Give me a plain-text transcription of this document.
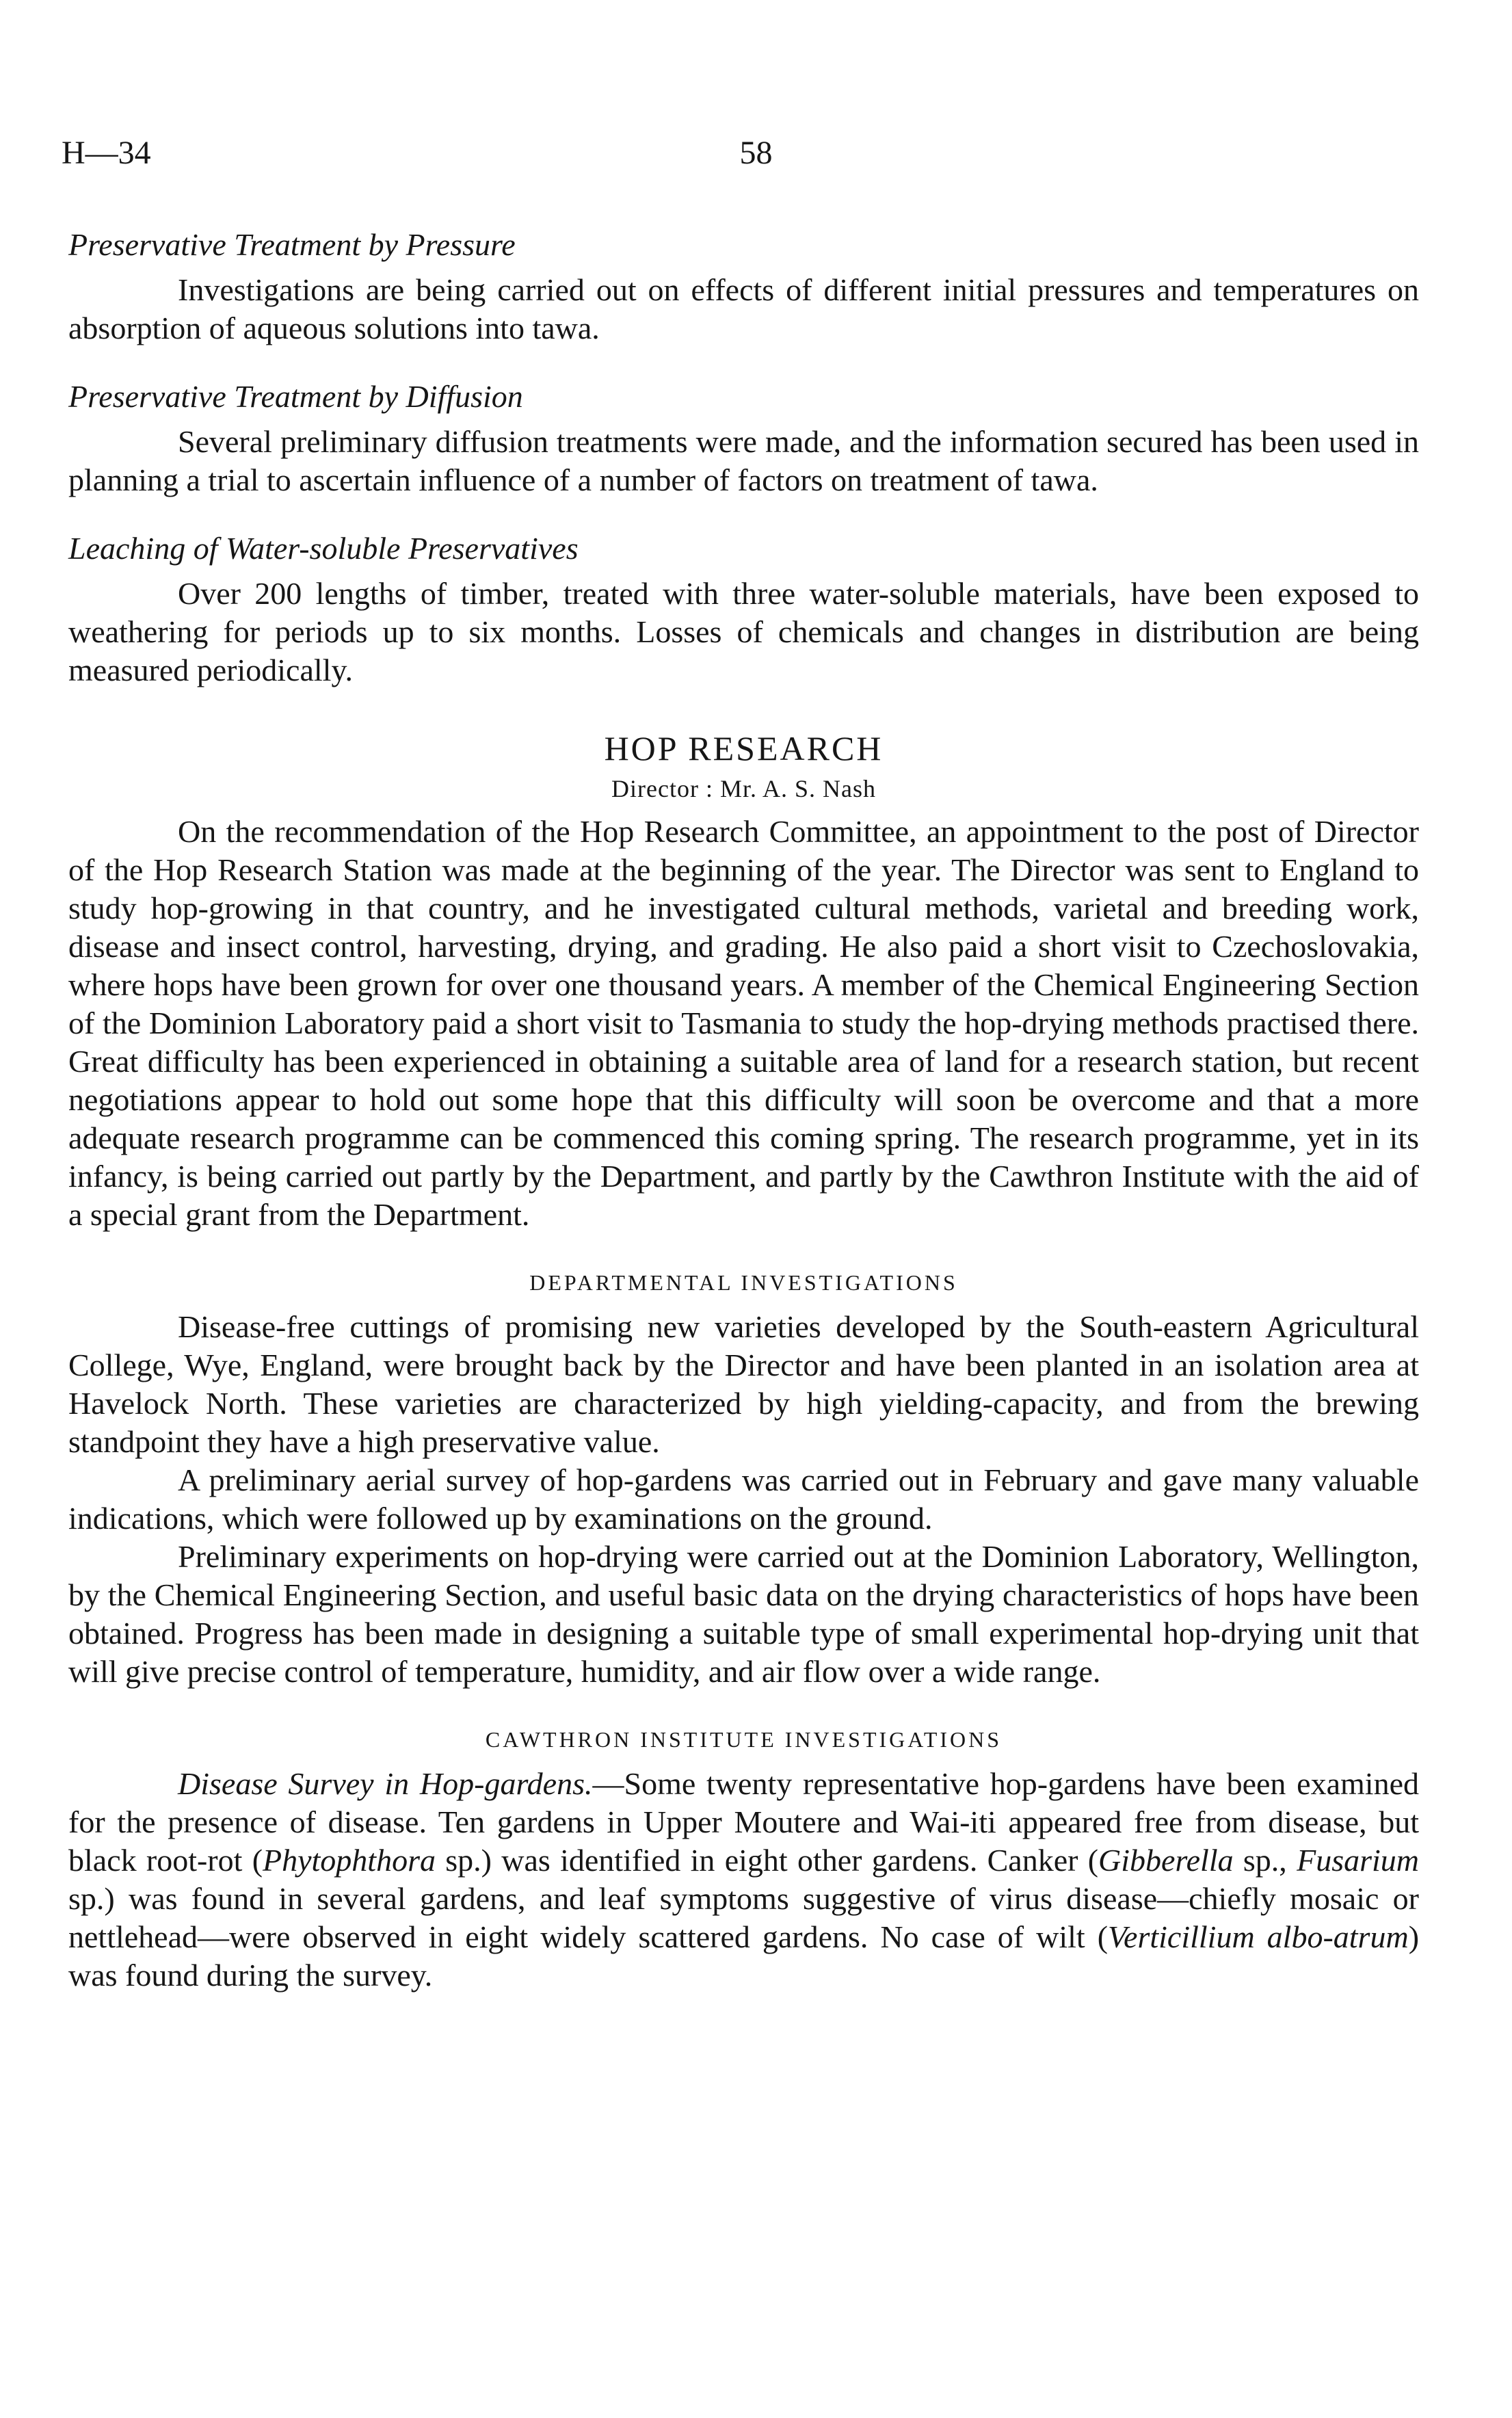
H—34	58
Preservative Treatment by Pressure

Investigations are being carried out on effects of different initial pressures and temperatures on absorption of aqueous solutions into tawa.

Preservative Treatment by Diffusion

Several preliminary diffusion treatments were made, and the information secured has been used in planning a trial to ascertain influence of a number of factors on treatment of tawa.

Leaching of Water-soluble Preservatives

Over 200 lengths of timber, treated with three water-soluble materials, have been exposed to weathering for periods up to six months. Losses of chemicals and changes in distribution are being measured periodically.

HOP RESEARCH
Director : Mr. A. S. Nash

On the recommendation of the Hop Research Committee, an appointment to the post of Director of the Hop Research Station was made at the beginning of the year. The Director was sent to England to study hop-growing in that country, and he investigated cultural methods, varietal and breeding work, disease and insect control, harvesting, drying, and grading. He also paid a short visit to Czechoslovakia, where hops have been grown for over one thousand years. A member of the Chemical Engineering Section of the Dominion Laboratory paid a short visit to Tasmania to study the hop-drying methods practised there. Great difficulty has been experienced in obtaining a suitable area of land for a research station, but recent negotiations appear to hold out some hope that this difficulty will soon be overcome and that a more adequate research programme can be commenced this coming spring. The research programme, yet in its infancy, is being carried out partly by the Department, and partly by the Cawthron Institute with the aid of a special grant from the Department.

DEPARTMENTAL INVESTIGATIONS

Disease-free cuttings of promising new varieties developed by the South-eastern Agricultural College, Wye, England, were brought back by the Director and have been planted in an isolation area at Havelock North. These varieties are characterized by high yielding-capacity, and from the brewing standpoint they have a high preservative value.

A preliminary aerial survey of hop-gardens was carried out in February and gave many valuable indications, which were followed up by examinations on the ground.

Preliminary experiments on hop-drying were carried out at the Dominion Laboratory, Wellington, by the Chemical Engineering Section, and useful basic data on the drying characteristics of hops have been obtained. Progress has been made in designing a suitable type of small experimental hop-drying unit that will give precise control of temperature, humidity, and air flow over a wide range.

CAWTHRON INSTITUTE INVESTIGATIONS

Disease Survey in Hop-gardens.—Some twenty representative hop-gardens have been examined for the presence of disease. Ten gardens in Upper Moutere and Wai-iti appeared free from disease, but black root-rot (Phytophthora sp.) was identified in eight other gardens. Canker (Gibberella sp., Fusarium sp.) was found in several gardens, and leaf symptoms suggestive of virus disease—chiefly mosaic or nettlehead—were observed in eight widely scattered gardens. No case of wilt (Verticillium albo-atrum) was found during the survey.
